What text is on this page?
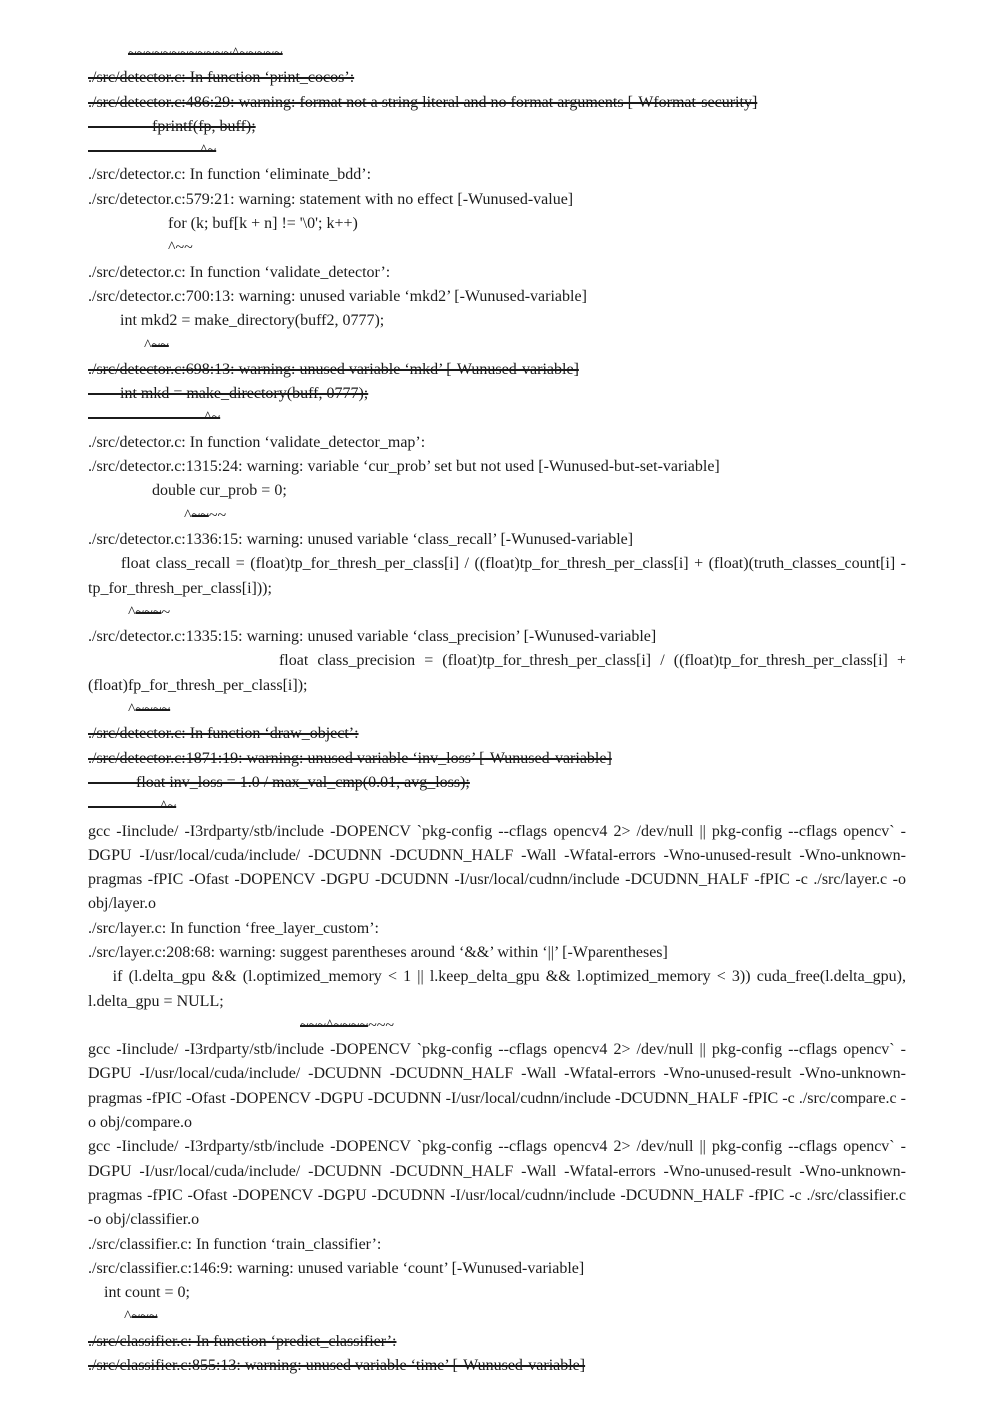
~~~~~~~~~~~~^~~~~~
./src/detector.c: In function ‘print_cocos’:
./src/detector.c:486:29: warning: format not a string literal and no format arguments [-Wformat-security]
fprintf(fp, buff);
^~
./src/detector.c: In function ‘eliminate_bdd’:
./src/detector.c:579:21: warning: statement with no effect [-Wunused-value]
for (k; buf[k + n] != '\0'; k++)
^~~
./src/detector.c: In function ‘validate_detector’:
./src/detector.c:700:13: warning: unused variable ‘mkd2’ [-Wunused-variable]
int mkd2 = make_directory(buff2, 0777);
^~~
./src/detector.c:698:13: warning: unused variable ‘mkd’ [-Wunused-variable]
int mkd = make_directory(buff, 0777);
^~
./src/detector.c: In function ‘validate_detector_map’:
./src/detector.c:1315:24: warning: variable ‘cur_prob’ set but not used [-Wunused-but-set-variable]
double cur_prob = 0;
^~~~~
./src/detector.c:1336:15: warning: unused variable ‘class_recall’ [-Wunused-variable]
float class_recall = (float)tp_for_thresh_per_class[i] / ((float)tp_for_thresh_per_class[i] + (float)(truth_classes_count[i] - tp_for_thresh_per_class[i]));
^~~~~
./src/detector.c:1335:15: warning: unused variable ‘class_precision’ [-Wunused-variable]
float class_precision = (float)tp_for_thresh_per_class[i] / ((float)tp_for_thresh_per_class[i] + (float)fp_for_thresh_per_class[i]);
^~~~~
./src/detector.c: In function ‘draw_object’:
./src/detector.c:1871:19: warning: unused variable ‘inv_loss’ [-Wunused-variable]
float inv_loss = 1.0 / max_val_cmp(0.01, avg_loss);
^~
gcc -Iinclude/ -I3rdparty/stb/include -DOPENCV `pkg-config --cflags opencv4 2> /dev/null || pkg-config --cflags opencv` -DGPU -I/usr/local/cuda/include/ -DCUDNN -DCUDNN_HALF -Wall -Wfatal-errors -Wno-unused-result -Wno-unknown-pragmas -fPIC -Ofast -DOPENCV -DGPU -DCUDNN -I/usr/local/cudnn/include -DCUDNN_HALF -fPIC -c ./src/layer.c -o obj/layer.o
./src/layer.c: In function ‘free_layer_custom’:
./src/layer.c:208:68: warning: suggest parentheses around ‘&&’ within ‘||’ [-Wparentheses]
if (l.delta_gpu && (l.optimized_memory < 1 || l.keep_delta_gpu && l.optimized_memory < 3)) cuda_free(l.delta_gpu), l.delta_gpu = NULL;
~~~^~~~~~~~
gcc -Iinclude/ -I3rdparty/stb/include -DOPENCV `pkg-config --cflags opencv4 2> /dev/null || pkg-config --cflags opencv` -DGPU -I/usr/local/cuda/include/ -DCUDNN -DCUDNN_HALF -Wall -Wfatal-errors -Wno-unused-result -Wno-unknown-pragmas -fPIC -Ofast -DOPENCV -DGPU -DCUDNN -I/usr/local/cudnn/include -DCUDNN_HALF -fPIC -c ./src/compare.c -o obj/compare.o
gcc -Iinclude/ -I3rdparty/stb/include -DOPENCV `pkg-config --cflags opencv4 2> /dev/null || pkg-config --cflags opencv` -DGPU -I/usr/local/cuda/include/ -DCUDNN -DCUDNN_HALF -Wall -Wfatal-errors -Wno-unused-result -Wno-unknown-pragmas -fPIC -Ofast -DOPENCV -DGPU -DCUDNN -I/usr/local/cudnn/include -DCUDNN_HALF -fPIC -c ./src/classifier.c -o obj/classifier.o
./src/classifier.c: In function ‘train_classifier’:
./src/classifier.c:146:9: warning: unused variable ‘count’ [-Wunused-variable]
int count = 0;
^~~~
./src/classifier.c: In function ‘predict_classifier’:
./src/classifier.c:855:13: warning: unused variable ‘time’ [-Wunused-variable]
